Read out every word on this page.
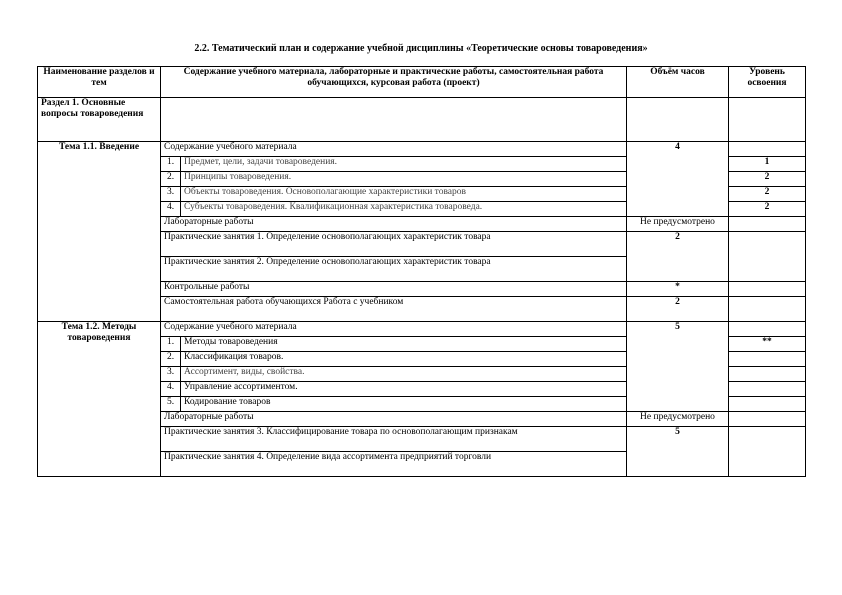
2.2. Тематический план и содержание учебной дисциплины «Теоретические основы товароведения»
Наименование разделов и тем	Содержание учебного материала, лабораторные и практические работы, самостоятельная работа обучающихся, курсовая работа (проект)		Объём часов	Уровень освоения
Раздел 1. Основные вопросы товароведения				
Тема 1.1. Введение	Содержание учебного материала		4	
	1.	Предмет, цели, задачи товароведения.		1
	2.	Принципы товароведения.		2
	3.	Объекты товароведения. Основополагающие характеристики товаров		2
	4.	Субъекты товароведения. Квалификационная характеристика товароведа.		2
	Лабораторные работы		Не предусмотрено	
	Практические занятия 1. Определение основополагающих характеристик товара		2	
	Практические занятия 2. Определение основополагающих характеристик товара			
	Контрольные работы		*	
	Самостоятельная работа обучающихся Работа с учебником		2	
Тема 1.2. Методы товароведения	Содержание учебного материала		5	
	1.	Методы товароведения		**
	2.	Классификация товаров.		
	3.	Ассортимент, виды, свойства.		
	4.	Управление ассортиментом.		
	5.	Кодирование товаров		
	Лабораторные работы		Не предусмотрено	
	Практические занятия 3. Классифицирование товара по основополагающим признакам		5	
	Практические занятия 4. Определение вида ассортимента предприятий торговли			
